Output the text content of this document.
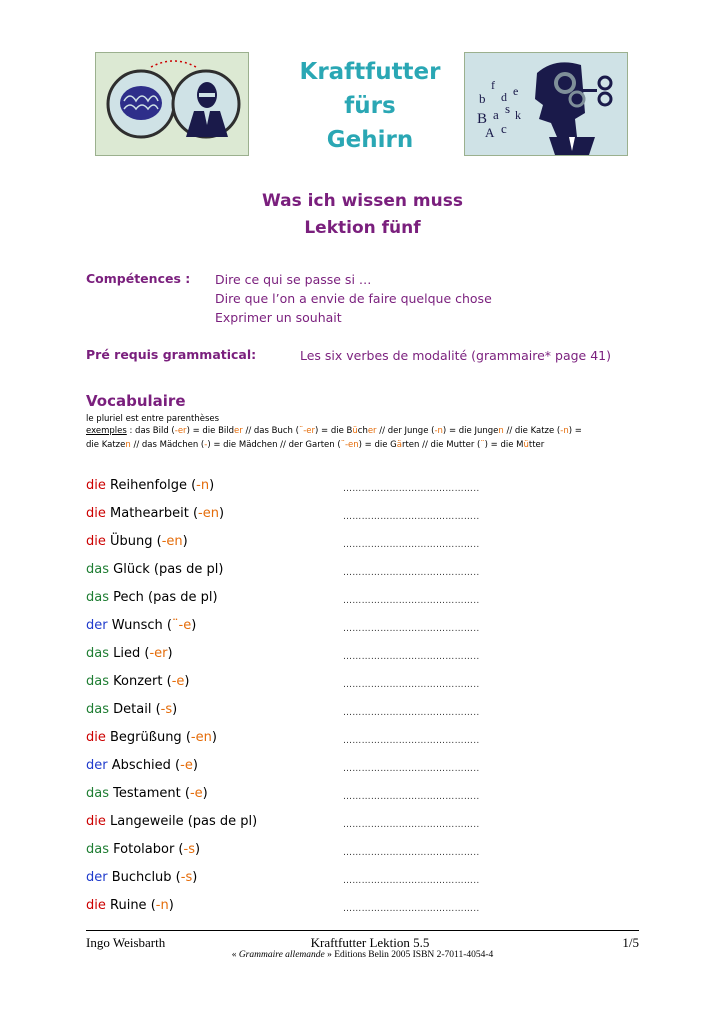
Kraftfutter
fürs
Gehirn
b
f
d e
B a s k
A c
Was ich wissen muss
Lektion fünf
Compétences : Dire ce qui se passe si …
Dire que l’on a envie de faire quelque chose
Exprimer un souhait
Pré requis grammatical:	Les six verbes de modalité (grammaire* page 41)
Vocabulaire
le pluriel est entre parenthèses
exemples : das Bild (-er) = die Bilder // das Buch (¨-er) = die Bücher // der Junge (-n) = die Jungen // die Katze (-n) =
die Katzen // das Mädchen (-) = die Mädchen // der Garten (¨-en) = die Gärten // die Mutter (¨) = die Mütter
die Reihenfolge (-n)	……………………………………..
die Mathearbeit (-en)	……………………………………..
die Übung (-en)	……………………………………..
das Glück (pas de pl)	……………………………………..
das Pech (pas de pl)	……………………………………..
der Wunsch (¨-e)	……………………………………..
das Lied (-er)	……………………………………..
das Konzert (-e)	……………………………………..
das Detail (-s)	……………………………………..
die Begrüßung (-en)	……………………………………..
der Abschied (-e)	……………………………………..
das Testament (-e)	……………………………………..
die Langeweile (pas de pl)	……………………………………..
das Fotolabor (-s)	……………………………………..
der Buchclub (-s)	……………………………………..
die Ruine (-n)	……………………………………..
Ingo Weisbarth	Kraftfutter Lektion 5.5	1/5
« Grammaire allemande » Editions Belin 2005 ISBN 2-7011-4054-4
